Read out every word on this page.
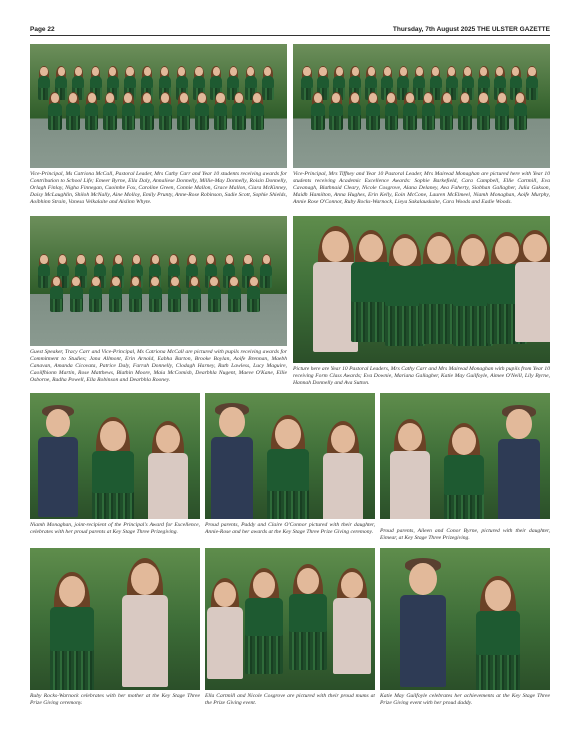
Page 22	Thursday, 7th August 2025 THE ULSTER GAZETTE
Vice-Principal, Ms Catriona McCall, Pastoral Leader, Mrs Cathy Carr and Year 10 students receiving awards for Contribution to School Life; Emeer Byrne, Ella Daly, Annaliese Donnelly, Millie-May Donnelly, Roisin Donnelly, Orlagh Finlay, Nigha Finnegan, Caoimhe Fox, Caroline Green, Connie Mallon, Grace Mallon, Ciara McKinney, Daisy McLaughlin, Shiloh McNally, Aine Molloy, Emily Prunty, Anne-Rose Robinson, Sadie Scott, Sophie Shields, Aoibhinn Strain, Vanesa Velkalaite and Aislinn Whyte.
Vice-Principal, Mrs Tiffney and Year 10 Pastoral Leader, Mrs Mairead Monaghan are pictured here with Year 10 students receiving Academic Excellence Awards: Sophie Barkefield, Cara Campbell, Ellie Cartmill, Eva Cavanagh, Blathnaid Cleary, Nicole Cosgrove, Alana Delaney, Ava Faherty, Siobhan Gallagher, Julia Gakson, Maidh Hamilton, Anna Hughes, Erin Kelly, Eoin McCone, Lauren McElmeel, Niamh Monaghan, Aoife Murphy, Annie Rose O'Connor, Ruby Rocks-Warnock, Lieya Sakalauskaite, Cara Woods and Eadie Woods.
Guest Speaker, Tracy Carr and Vice-Principal, Ms Catriona McCall are pictured with pupils receiving awards for Commitment to Studies; Jana Allmont, Erin Arnold, Eabha Barton, Brooke Boylan, Aoife Brennan, Maebh Canavan, Amanda Cicovata, Patrice Daly, Farrah Donnelly, Clodagh Harney, Ruth Lawless, Lucy Maguire, Caoilfhionn Martin, Rose Matthews, Blathin Moore, Maia McComish, Dearbhla Nugent, Maeve O'Kane, Ellie Osborne, Radha Powell, Ella Robinson and Dearbhla Rooney.
Picture here are Year 10 Pastoral Leaders, Mrs Cathy Carr and Mrs Mairead Monaghan with pupils from Year 10 receiving Form Class Awards; Eva Downie, Mariana Gallagher, Katie May Guilfoyle, Aimee O'Neill, Lily Byrne, Hannah Donnelly and Ava Sutton.
Niamh Monaghan, joint-recipient of the Principal's Award for Excellence, celebrates with her proud parents at Key Stage Three Prizegiving.
Proud parents, Paddy and Claire O'Connor pictured with their daughter, Annie-Rose and her awards at the Key Stage Three Prize Giving ceremony.	Proud parents, Aileen and Conor Byrne, pictured with their daughter, Eimear, at Key Stage Three Prizegiving.
Ruby Rocks-Warnock celebrates with her mother at the Key Stage Three Prize Giving ceremony.
Ella Cartmill and Nicole Cosgrove are pictured with their proud mums at the Prize Giving event.
Katie May Guilfoyle celebrates her achievements at the Key Stage Three Prize Giving event with her proud daddy.
